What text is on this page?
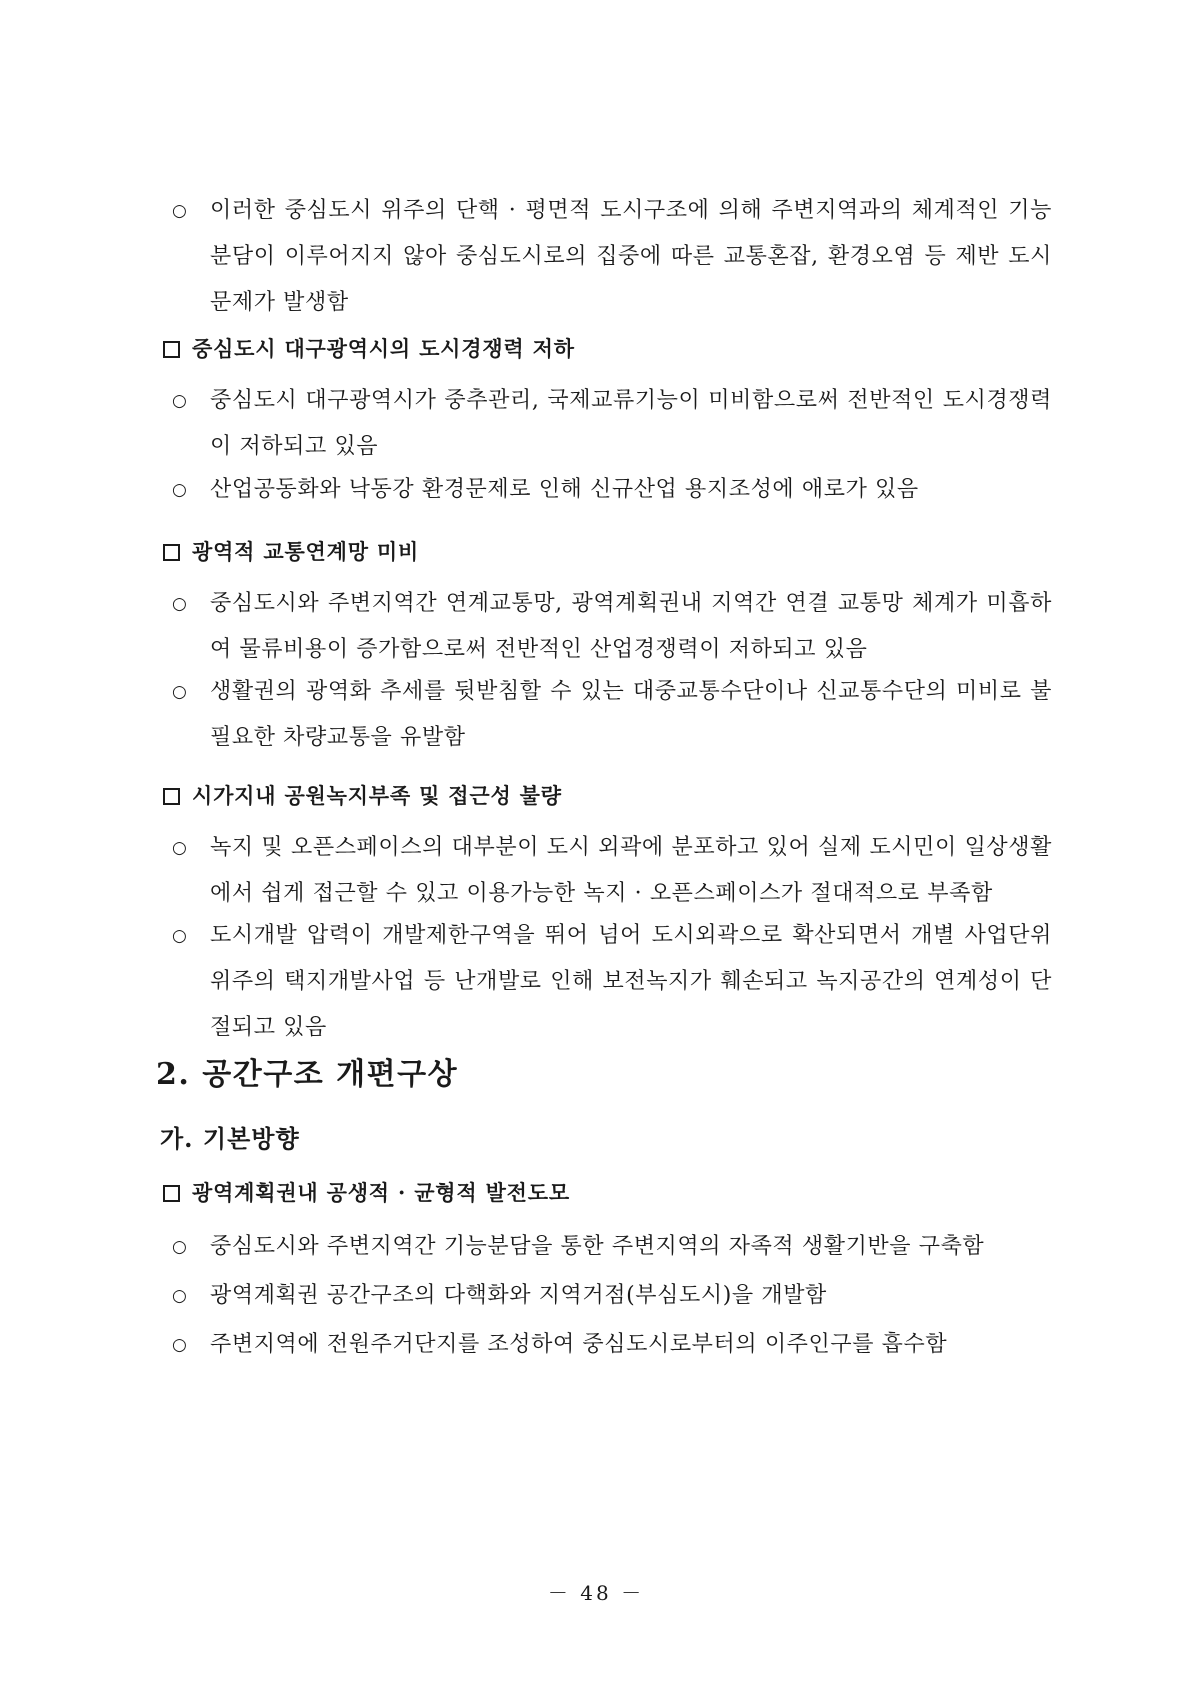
○	이러한 중심도시 위주의 단핵 · 평면적 도시구조에 의해 주변지역과의 체계적인 기능분담이 이루어지지 않아 중심도시로의 집중에 따른 교통혼잡, 환경오염 등 제반 도시문제가 발생함
중심도시 대구광역시의 도시경쟁력 저하
○	중심도시 대구광역시가 중추관리, 국제교류기능이 미비함으로써 전반적인 도시경쟁력이 저하되고 있음
○	산업공동화와 낙동강 환경문제로 인해 신규산업 용지조성에 애로가 있음
광역적 교통연계망 미비
○	중심도시와 주변지역간 연계교통망, 광역계획권내 지역간 연결 교통망 체계가 미흡하여 물류비용이 증가함으로써 전반적인 산업경쟁력이 저하되고 있음
○	생활권의 광역화 추세를 뒷받침할 수 있는 대중교통수단이나 신교통수단의 미비로 불필요한 차량교통을 유발함
시가지내 공원녹지부족 및 접근성 불량
○	녹지 및 오픈스페이스의 대부분이 도시 외곽에 분포하고 있어 실제 도시민이 일상생활에서 쉽게 접근할 수 있고 이용가능한 녹지 · 오픈스페이스가 절대적으로 부족함
○	도시개발 압력이 개발제한구역을 뛰어 넘어 도시외곽으로 확산되면서 개별 사업단위 위주의 택지개발사업 등 난개발로 인해 보전녹지가 훼손되고 녹지공간의 연계성이 단절되고 있음
2. 공간구조 개편구상
가. 기본방향
광역계획권내 공생적 · 균형적 발전도모
○	중심도시와 주변지역간 기능분담을 통한 주변지역의 자족적 생활기반을 구축함
○	광역계획권 공간구조의 다핵화와 지역거점(부심도시)을 개발함
○	주변지역에 전원주거단지를 조성하여 중심도시로부터의 이주인구를 흡수함
－ 48 －
